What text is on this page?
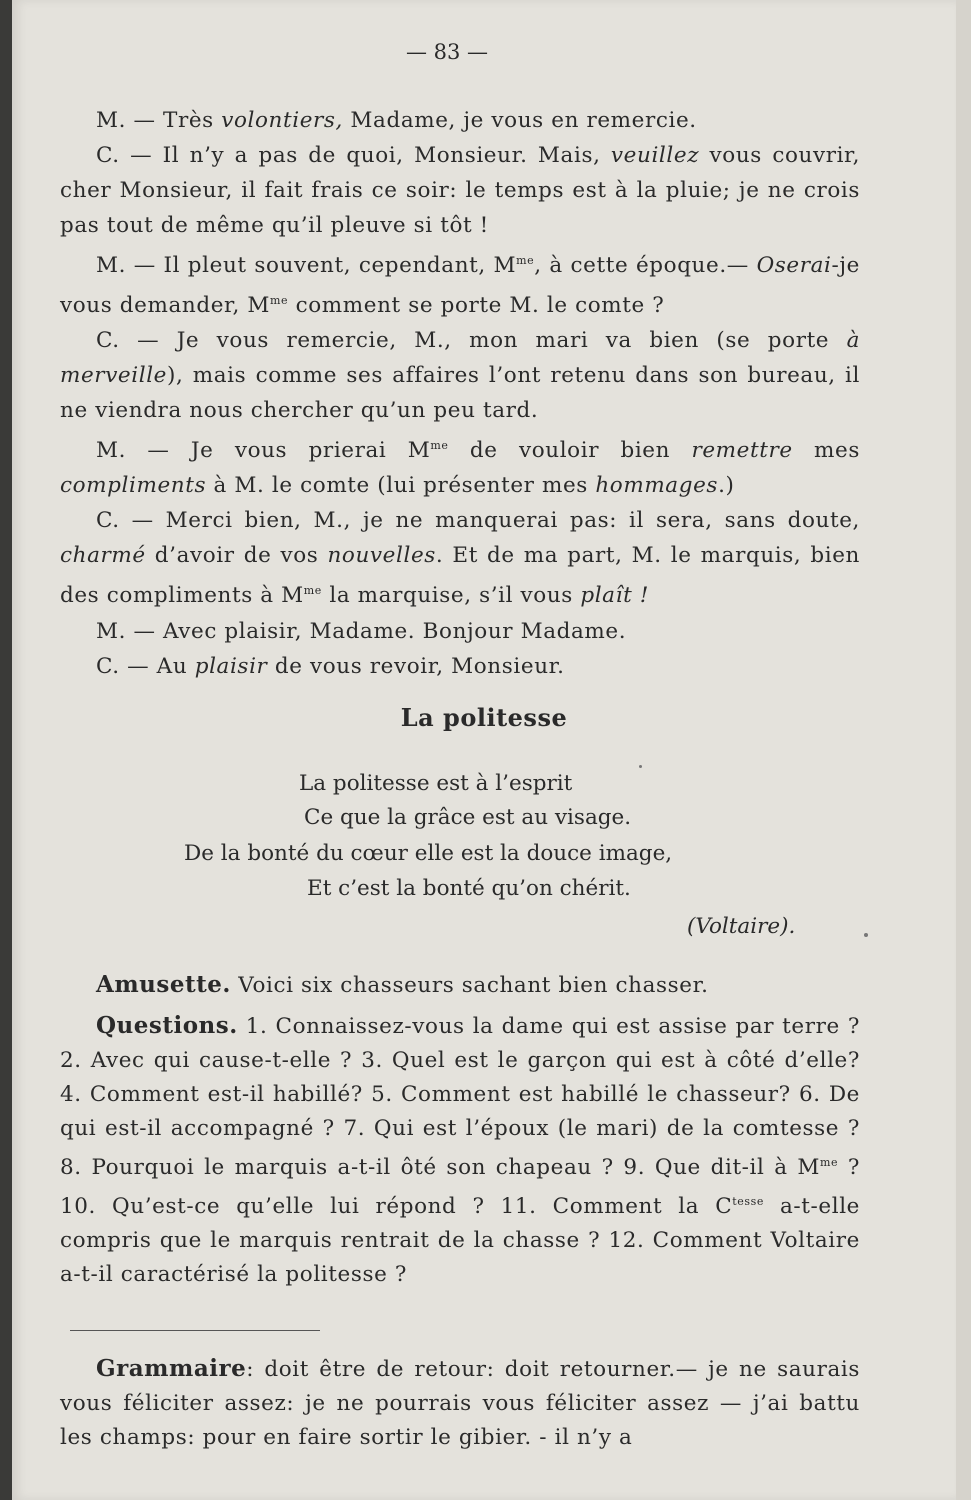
— 83 —

M. — Très volontiers, Madame, je vous en remercie.

C. — Il n’y a pas de quoi, Monsieur. Mais, veuillez vous couvrir, cher Monsieur, il fait frais ce soir: le temps est à la pluie; je ne crois pas tout de même qu’il pleuve si tôt !

M. — Il pleut souvent, cependant, $M^{me}$, à cette époque.— Oserai-je vous demander, $M^{me}$ comment se porte M. le comte ?

C. — Je vous remercie, M., mon mari va bien (se porte à merveille), mais comme ses affaires l’ont retenu dans son bureau, il ne viendra nous chercher qu’un peu tard.

M. — Je vous prierai $M^{me}$ de vouloir bien remettre mes compliments à M. le comte (lui présenter mes hommages.)

C. — Merci bien, M., je ne manquerai pas: il sera, sans doute, charmé d’avoir de vos nouvelles. Et de ma part, M. le marquis, bien des compliments à $M^{me}$ la marquise, s’il vous plaît !

M. — Avec plaisir, Madame. Bonjour Madame.

C. — Au plaisir de vous revoir, Monsieur.

La politesse
La politesse est à l’esprit
Ce que la grâce est au visage.
De la bonté du cœur elle est la douce image,
Et c’est la bonté qu’on chérit.
(Voltaire).

Amusette. Voici six chasseurs sachant bien chasser.

Questions. 1. Connaissez-vous la dame qui est assise par terre ? 2. Avec qui cause-t-elle ? 3. Quel est le garçon qui est à côté d’elle? 4. Comment est-il habillé? 5. Comment est habillé le chasseur? 6. De qui est-il accompagné ? 7. Qui est l’époux (le mari) de la comtesse ? 8. Pourquoi le marquis a-t-il ôté son chapeau ? 9. Que dit-il à $M^{me}$ ? 10. Qu’est-ce qu’elle lui répond ? 11. Comment la $C^{tesse}$ a-t-elle compris que le marquis rentrait de la chasse ? 12. Comment Voltaire a-t-il caractérisé la politesse ?

Grammaire: doit être de retour: doit retourner.— je ne saurais vous féliciter assez: je ne pourrais vous féliciter assez — j’ai battu les champs: pour en faire sortir le gibier. - il n’y a
